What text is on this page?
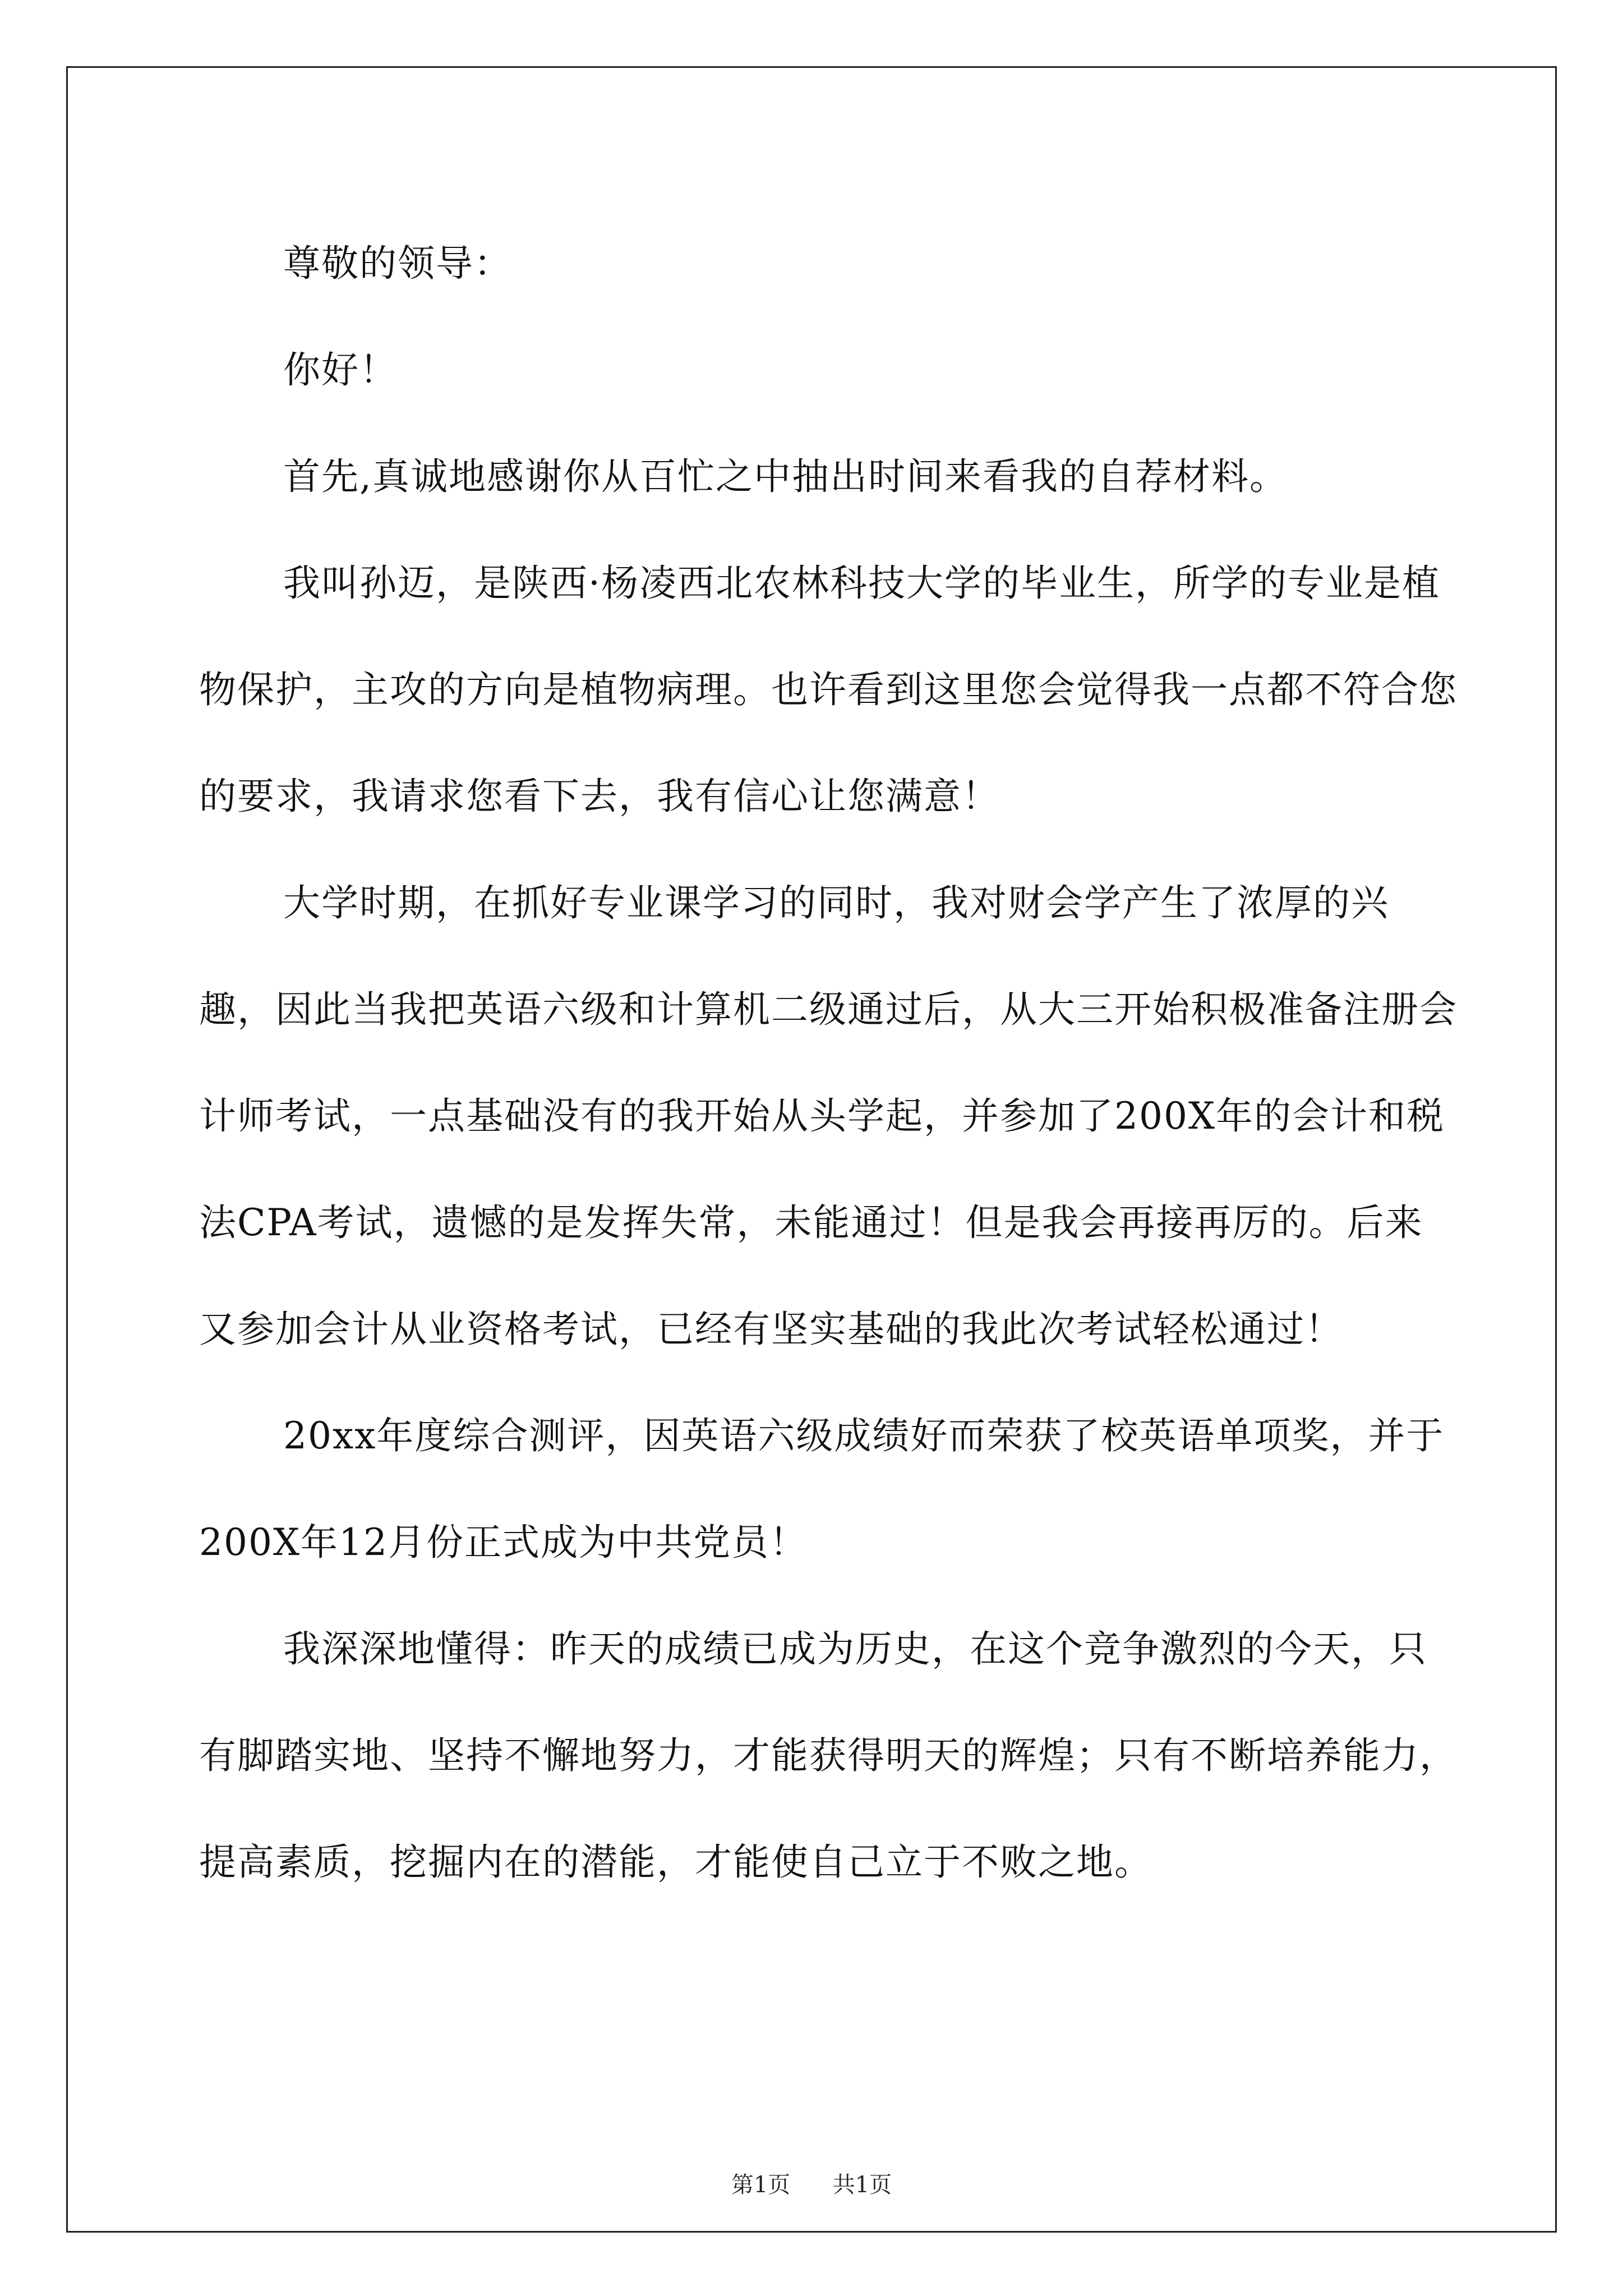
尊敬的领导：

你好！

首先,真诚地感谢你从百忙之中抽出时间来看我的自荐材料。

我叫孙迈，是陕西·杨凌西北农林科技大学的毕业生，所学的专业是植物保护，主攻的方向是植物病理。也许看到这里您会觉得我一点都不符合您的要求，我请求您看下去，我有信心让您满意！

大学时期，在抓好专业课学习的同时，我对财会学产生了浓厚的兴趣，因此当我把英语六级和计算机二级通过后，从大三开始积极准备注册会计师考试，一点基础没有的我开始从头学起，并参加了200X年的会计和税法CPA考试，遗憾的是发挥失常，未能通过！但是我会再接再厉的。后来又参加会计从业资格考试，已经有坚实基础的我此次考试轻松通过！

20xx年度综合测评，因英语六级成绩好而荣获了校英语单项奖，并于200X年12月份正式成为中共党员！

我深深地懂得：昨天的成绩已成为历史，在这个竞争激烈的今天，只有脚踏实地、坚持不懈地努力，才能获得明天的辉煌；只有不断培养能力，提高素质，挖掘内在的潜能，才能使自己立于不败之地。

第1页 共1页
